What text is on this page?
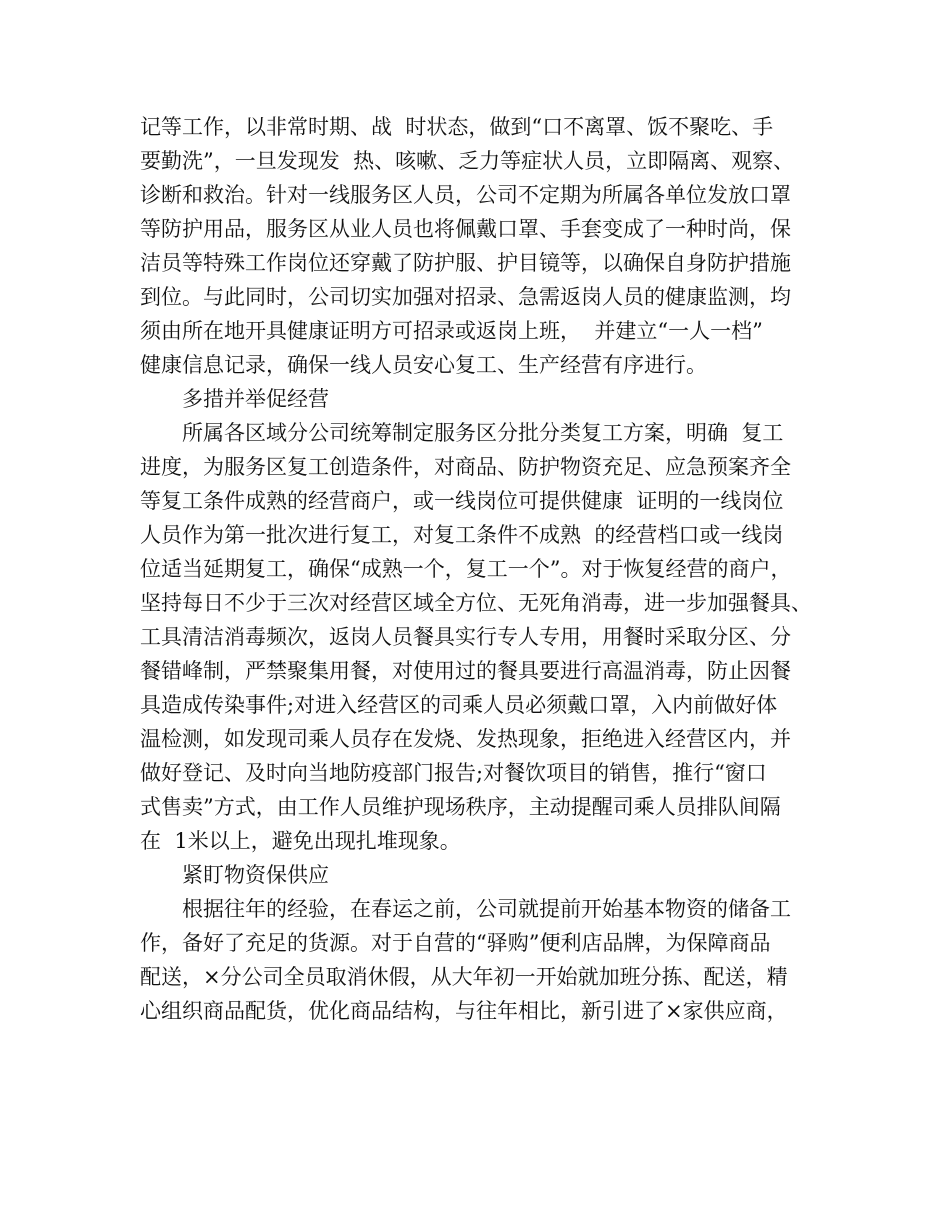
记等工作，以非常时期、战  时状态，做到“口不离罩、饭不聚吃、手
要勤洗”，一旦发现发  热、咳嗽、乏力等症状人员，立即隔离、观察、
诊断和救治。针对一线服务区人员，公司不定期为所属各单位发放口罩
等防护用品，服务区从业人员也将佩戴口罩、手套变成了一种时尚，保
洁员等特殊工作岗位还穿戴了防护服、护目镜等，以确保自身防护措施
到位。与此同时，公司切实加强对招录、急需返岗人员的健康监测，均
须由所在地开具健康证明方可招录或返岗上班，  并建立“一人一档”
健康信息记录，确保一线人员安心复工、生产经营有序进行。
多措并举促经营
所属各区域分公司统筹制定服务区分批分类复工方案，明确  复工
进度，为服务区复工创造条件，对商品、防护物资充足、应急预案齐全
等复工条件成熟的经营商户，或一线岗位可提供健康  证明的一线岗位
人员作为第一批次进行复工，对复工条件不成熟  的经营档口或一线岗
位适当延期复工，确保“成熟一个，复工一个”。对于恢复经营的商户，
坚持每日不少于三次对经营区域全方位、无死角消毒，进一步加强餐具、
工具清洁消毒频次，返岗人员餐具实行专人专用，用餐时采取分区、分
餐错峰制，严禁聚集用餐，对使用过的餐具要进行高温消毒，防止因餐
具造成传染事件;对进入经营区的司乘人员必须戴口罩，入内前做好体
温检测，如发现司乘人员存在发烧、发热现象，拒绝进入经营区内，并
做好登记、及时向当地防疫部门报告;对餐饮项目的销售，推行“窗口
式售卖”方式，由工作人员维护现场秩序，主动提醒司乘人员排队间隔
在  1米以上，避免出现扎堆现象。
紧盯物资保供应
根据往年的经验，在春运之前，公司就提前开始基本物资的储备工
作，备好了充足的货源。对于自营的“驿购”便利店品牌，为保障商品
配送，×分公司全员取消休假，从大年初一开始就加班分拣、配送，精
心组织商品配货，优化商品结构，与往年相比，新引进了×家供应商，
